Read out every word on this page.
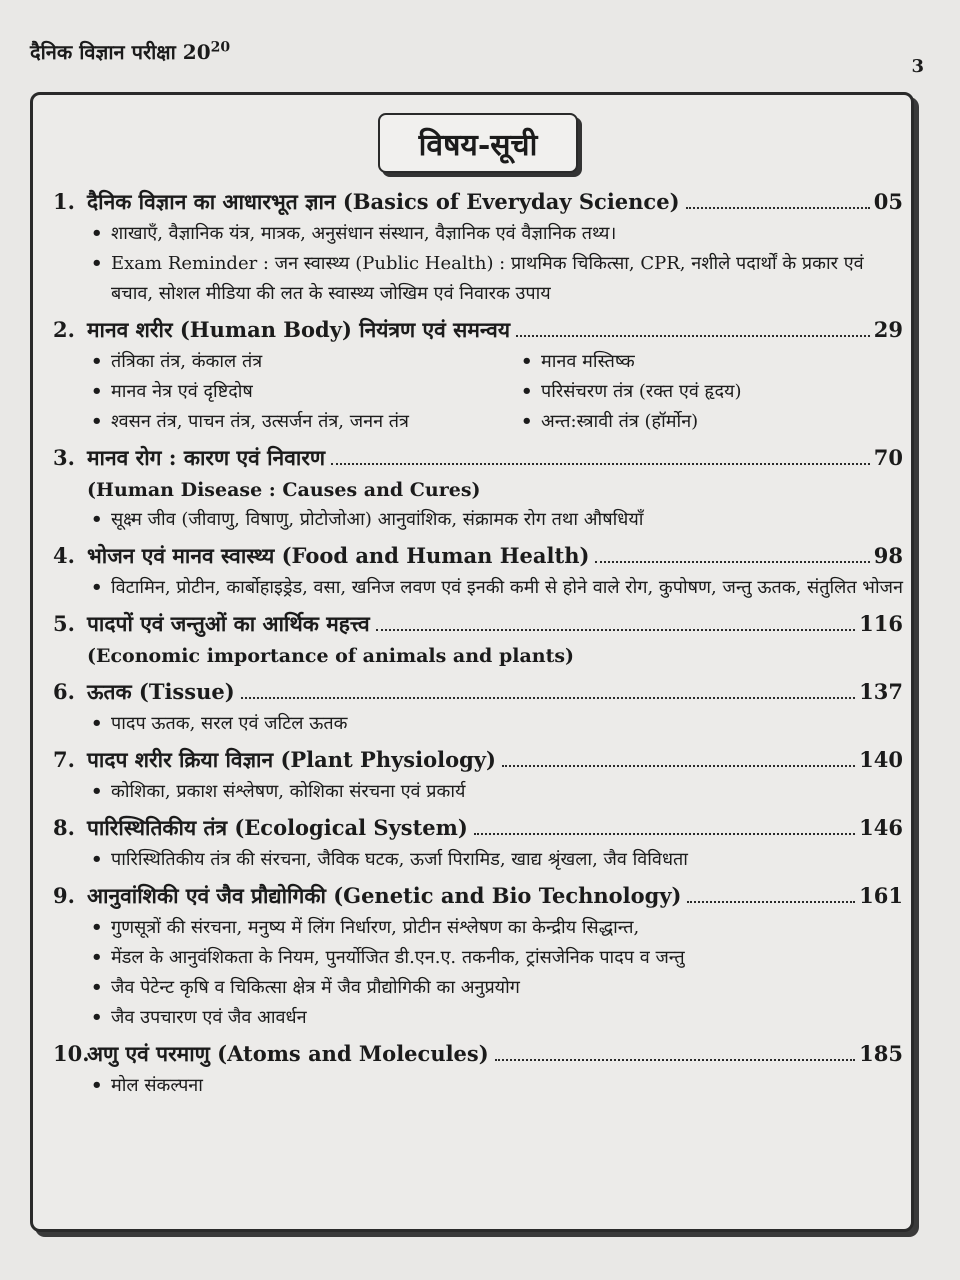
दैनिक विज्ञान परीक्षा $20^{20}$
3
विषय-सूची
1. दैनिक विज्ञान का आधारभूत ज्ञान (Basics of Everyday Science)	05
• शाखाएँ, वैज्ञानिक यंत्र, मात्रक, अनुसंधान संस्थान, वैज्ञानिक एवं वैज्ञानिक तथ्य।
• Exam Reminder : जन स्वास्थ्य (Public Health) : प्राथमिक चिकित्सा, CPR, नशीले पदार्थों के प्रकार एवं बचाव, सोशल मीडिया की लत के स्वास्थ्य जोखिम एवं निवारक उपाय
2. मानव शरीर (Human Body) नियंत्रण एवं समन्वय	29
• तंत्रिका तंत्र, कंकाल तंत्र
• मानव नेत्र एवं दृष्टिदोष
• श्वसन तंत्र, पाचन तंत्र, उत्सर्जन तंत्र, जनन तंत्र
• मानव मस्तिष्क
• परिसंचरण तंत्र (रक्त एवं हृदय)
• अन्त:स्त्रावी तंत्र (हॉर्मोन)
3. मानव रोग : कारण एवं निवारण	70
(Human Disease : Causes and Cures)
• सूक्ष्म जीव (जीवाणु, विषाणु, प्रोटोजोआ) आनुवांशिक, संक्रामक रोग तथा औषधियाँ
4. भोजन एवं मानव स्वास्थ्य (Food and Human Health)	98
• विटामिन, प्रोटीन, कार्बोहाइड्रेड, वसा, खनिज लवण एवं इनकी कमी से होने वाले रोग, कुपोषण, जन्तु ऊतक, संतुलित भोजन
5. पादपों एवं जन्तुओं का आर्थिक महत्त्व	116
(Economic importance of animals and plants)
6. ऊतक (Tissue)	137
• पादप ऊतक, सरल एवं जटिल ऊतक
7. पादप शरीर क्रिया विज्ञान (Plant Physiology)	140
• कोशिका, प्रकाश संश्लेषण, कोशिका संरचना एवं प्रकार्य
8. पारिस्थितिकीय तंत्र (Ecological System)	146
• पारिस्थितिकीय तंत्र की संरचना, जैविक घटक, ऊर्जा पिरामिड, खाद्य श्रृंखला, जैव विविधता
9. आनुवांशिकी एवं जैव प्रौद्योगिकी (Genetic and Bio Technology)	161
• गुणसूत्रों की संरचना, मनुष्य में लिंग निर्धारण, प्रोटीन संश्लेषण का केन्द्रीय सिद्धान्त,
• मेंडल के आनुवंशिकता के नियम, पुनर्योजित डी.एन.ए. तकनीक, ट्रांसजेनिक पादप व जन्तु
• जैव पेटेन्ट कृषि व चिकित्सा क्षेत्र में जैव प्रौद्योगिकी का अनुप्रयोग
• जैव उपचारण एवं जैव आवर्धन
10.
अणु एवं परमाणु (Atoms and Molecules)	185
• मोल संकल्पना
